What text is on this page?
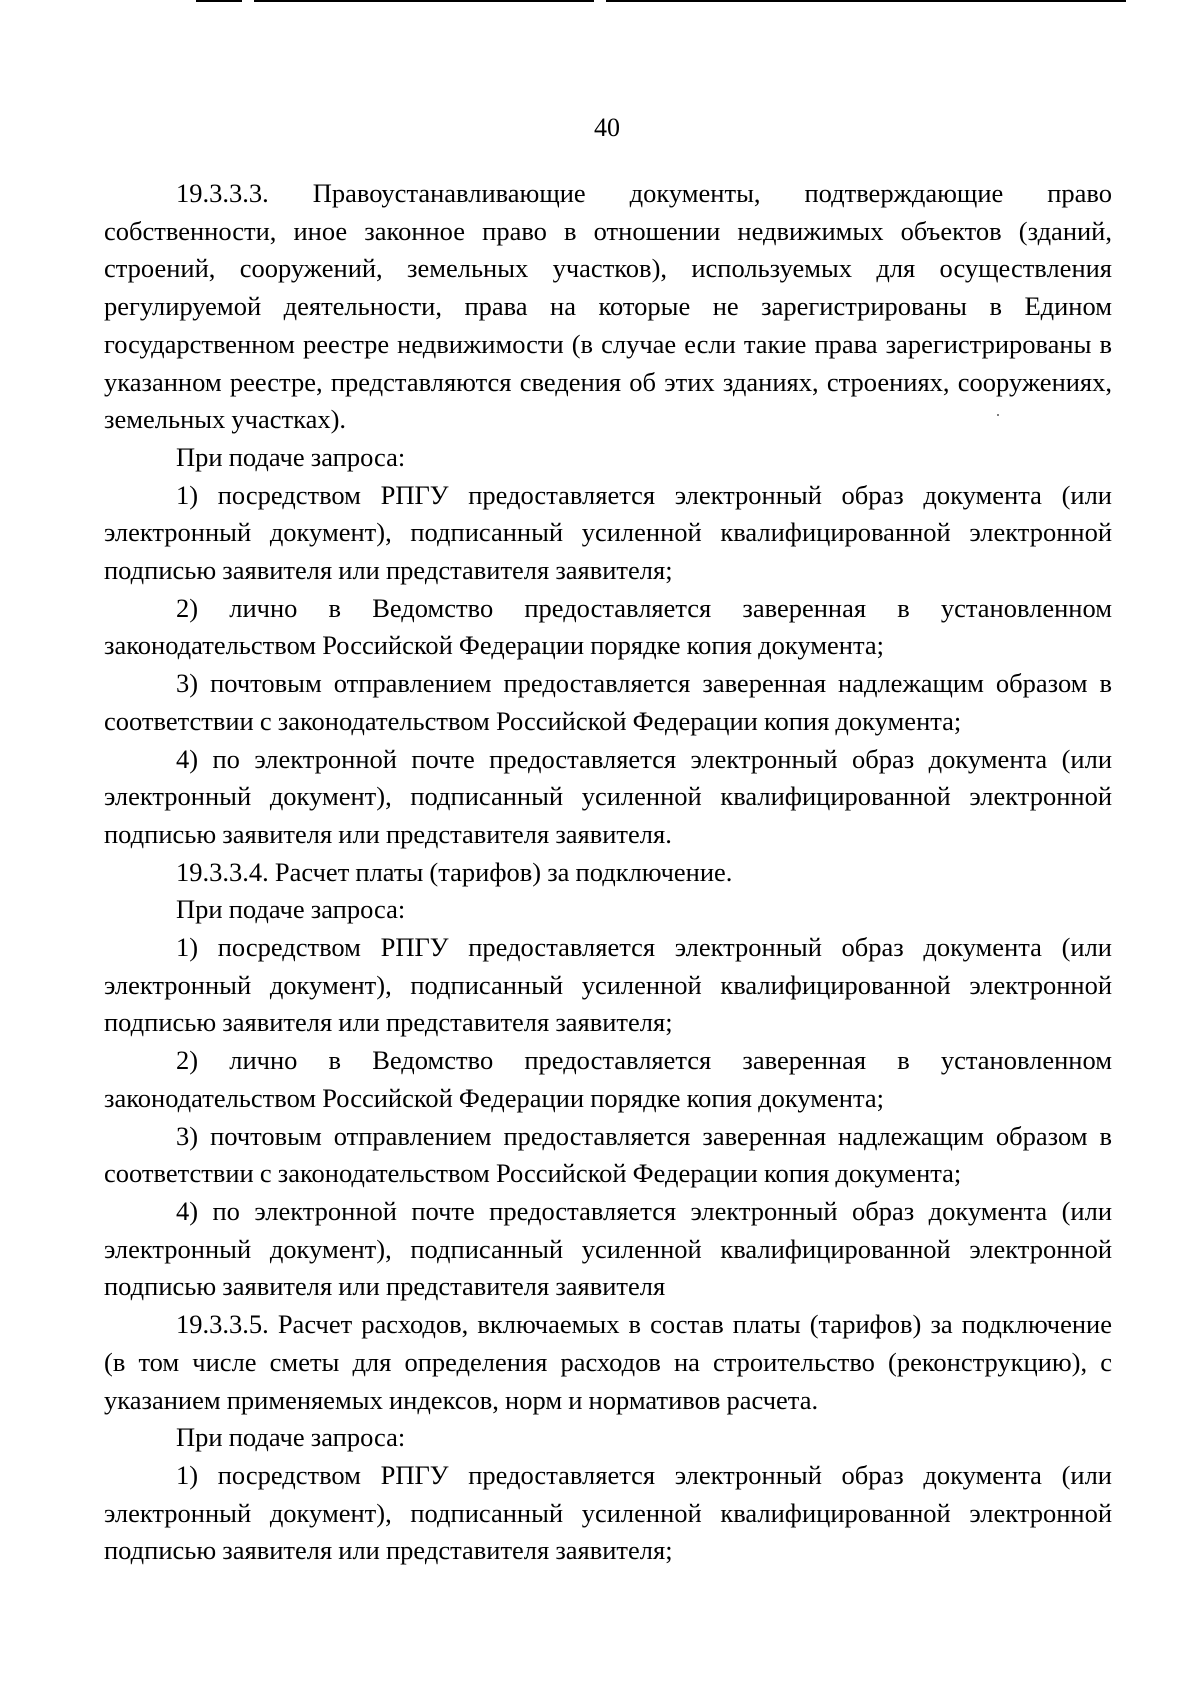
40

19.3.3.3. Правоустанавливающие документы, подтверждающие право собственности, иное законное право в отношении недвижимых объектов (зданий, строений, сооружений, земельных участков), используемых для осуществления регулируемой деятельности, права на которые не зарегистрированы в Едином государственном реестре недвижимости (в случае если такие права зарегистрированы в указанном реестре, представляются сведения об этих зданиях, строениях, сооружениях, земельных участках).

При подаче запроса:

1) посредством РПГУ предоставляется электронный образ документа (или электронный документ), подписанный усиленной квалифицированной электронной подписью заявителя или представителя заявителя;

2) лично в Ведомство предоставляется заверенная в установленном законодательством Российской Федерации порядке копия документа;

3) почтовым отправлением предоставляется заверенная надлежащим образом в соответствии с законодательством Российской Федерации копия документа;

4) по электронной почте предоставляется электронный образ документа (или электронный документ), подписанный усиленной квалифицированной электронной подписью заявителя или представителя заявителя.

19.3.3.4. Расчет платы (тарифов) за подключение.

При подаче запроса:

1) посредством РПГУ предоставляется электронный образ документа (или электронный документ), подписанный усиленной квалифицированной электронной подписью заявителя или представителя заявителя;

2) лично в Ведомство предоставляется заверенная в установленном законодательством Российской Федерации порядке копия документа;

3) почтовым отправлением предоставляется заверенная надлежащим образом в соответствии с законодательством Российской Федерации копия документа;

4) по электронной почте предоставляется электронный образ документа (или электронный документ), подписанный усиленной квалифицированной электронной подписью заявителя или представителя заявителя

19.3.3.5. Расчет расходов, включаемых в состав платы (тарифов) за подключение (в том числе сметы для определения расходов на строительство (реконструкцию), с указанием применяемых индексов, норм и нормативов расчета.

При подаче запроса:

1) посредством РПГУ предоставляется электронный образ документа (или электронный документ), подписанный усиленной квалифицированной электронной подписью заявителя или представителя заявителя;
